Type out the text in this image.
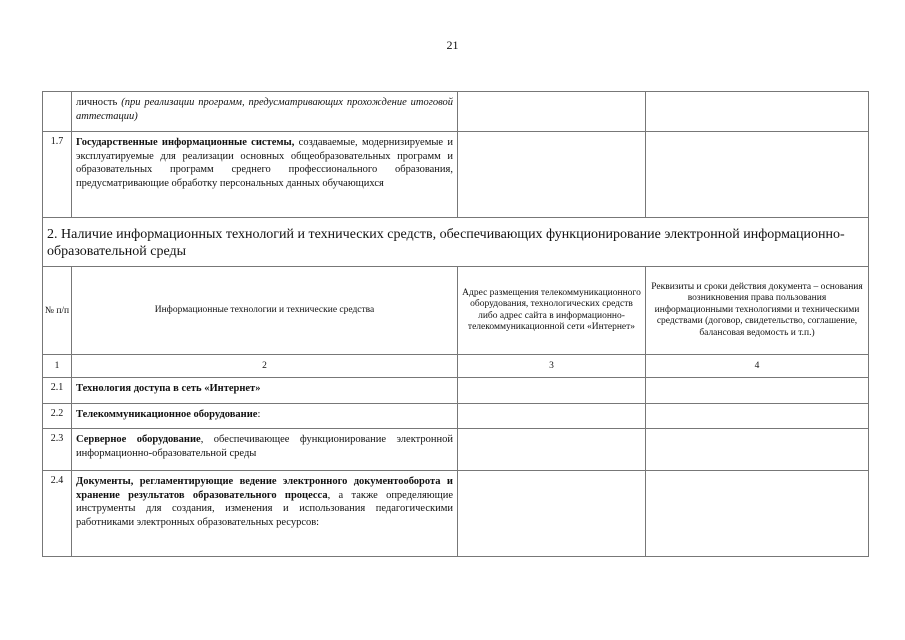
21
	личность (при реализации программ, предусматривающих прохождение итоговой аттестации)		
1.7	Государственные информационные системы, создаваемые, модернизируемые и эксплуатируемые для реализации основных общеобразовательных программ и образовательных программ среднего профессионального образования, предусматривающие обработку персональных данных обучающихся		
2. Наличие информационных технологий и технических средств, обеспечивающих функционирование электронной информационно-образовательной среды			
№ п/п	Информационные технологии и технические средства	Адрес размещения телекоммуникационного оборудования, технологических средств либо адрес сайта в информационно-телекоммуникационной сети «Интернет»	Реквизиты и сроки действия документа – основания возникновения права пользования информационными технологиями и техническими средствами (договор, свидетельство, соглашение, балансовая ведомость и т.п.)
1	2	3	4
2.1	Технология доступа в сеть «Интернет»		
2.2	Телекоммуникационное оборудование:		
2.3	Серверное оборудование, обеспечивающее функционирование электронной информационно-образовательной среды		
2.4	Документы, регламентирующие ведение электронного документооборота и хранение результатов образовательного процесса, а также определяющие инструменты для создания, изменения и использования педагогическими работниками электронных образовательных ресурсов:		
